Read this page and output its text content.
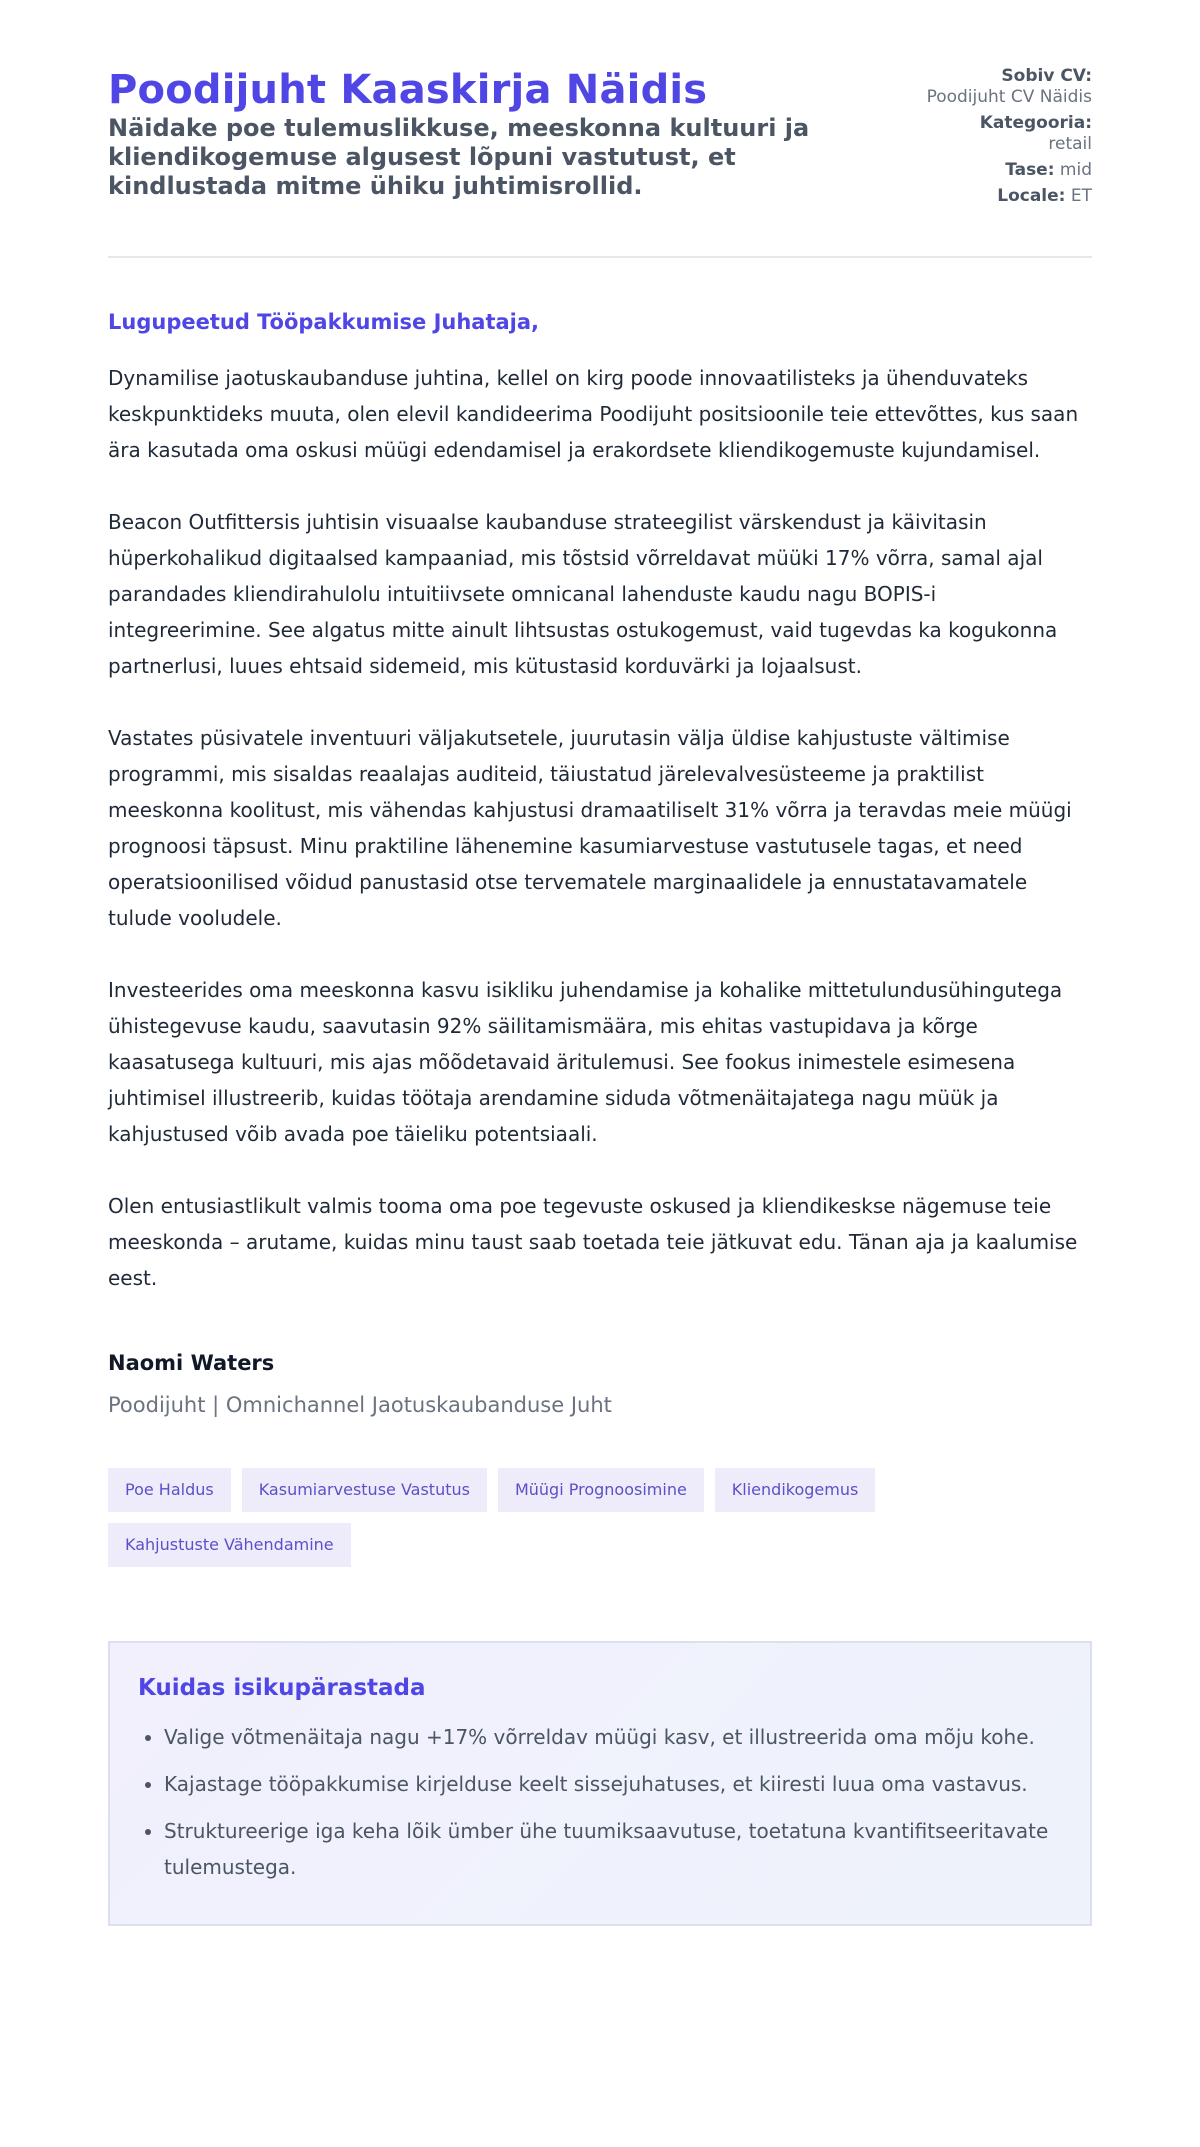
Poodijuht Kaaskirja Näidis

Näidake poe tulemuslikkuse, meeskonna kultuuri ja kliendikogemuse algusest lõpuni vastutust, et kindlustada mitme ühiku juhtimisrollid.

Sobiv CV:
Poodijuht CV Näidis
Kategooria:
retail
Tase: mid
Locale: ET
Lugupeetud Tööpakkumise Juhataja,

Dynamilise jaotuskaubanduse juhtina, kellel on kirg poode innovaatilisteks ja ühenduvateks keskpunktideks muuta, olen elevil kandideerima Poodijuht positsioonile teie ettevõttes, kus saan ära kasutada oma oskusi müügi edendamisel ja erakordsete kliendikogemuste kujundamisel.

Beacon Outfittersis juhtisin visuaalse kaubanduse strateegilist värskendust ja käivitasin hüperkohalikud digitaalsed kampaaniad, mis tõstsid võrreldavat müüki 17% võrra, samal ajal parandades kliendirahulolu intuitiivsete omnicanal lahenduste kaudu nagu BOPIS-i integreerimine. See algatus mitte ainult lihtsustas ostukogemust, vaid tugevdas ka kogukonna partnerlusi, luues ehtsaid sidemeid, mis kütustasid korduvärki ja lojaalsust.

Vastates püsivatele inventuuri väljakutsetele, juurutasin välja üldise kahjustuste vältimise programmi, mis sisaldas reaalajas auditeid, täiustatud järelevalvesüsteeme ja praktilist meeskonna koolitust, mis vähendas kahjustusi dramaatiliselt 31% võrra ja teravdas meie müügi prognoosi täpsust. Minu praktiline lähenemine kasumiarvestuse vastutusele tagas, et need operatsioonilised võidud panustasid otse tervematele marginaalidele ja ennustatavamatele tulude vooludele.

Investeerides oma meeskonna kasvu isikliku juhendamise ja kohalike mittetulundusühingutega ühistegevuse kaudu, saavutasin 92% säilitamismäära, mis ehitas vastupidava ja kõrge kaasatusega kultuuri, mis ajas mõõdetavaid äritulemusi. See fookus inimestele esimesena juhtimisel illustreerib, kuidas töötaja arendamine siduda võtmenäitajatega nagu müük ja kahjustused võib avada poe täieliku potentsiaali.

Olen entusiastlikult valmis tooma oma poe tegevuste oskused ja kliendikeskse nägemuse teie meeskonda – arutame, kuidas minu taust saab toetada teie jätkuvat edu. Tänan aja ja kaalumise eest.

Naomi Waters
Poodijuht | Omnichannel Jaotuskaubanduse Juht
Poe Haldus	Kasumiarvestuse Vastutus	Müügi Prognoosimine	Kliendikogemus
Kahjustuste Vähendamine
Kuidas isikupärastada
• Valige võtmenäitaja nagu +17% võrreldav müügi kasv, et illustreerida oma mõju kohe.
• Kajastage tööpakkumise kirjelduse keelt sissejuhatuses, et kiiresti luua oma vastavus.
• Struktureerige iga keha lõik ümber ühe tuumiksaavutuse, toetatuna kvantifitseeritavate tulemustega.
